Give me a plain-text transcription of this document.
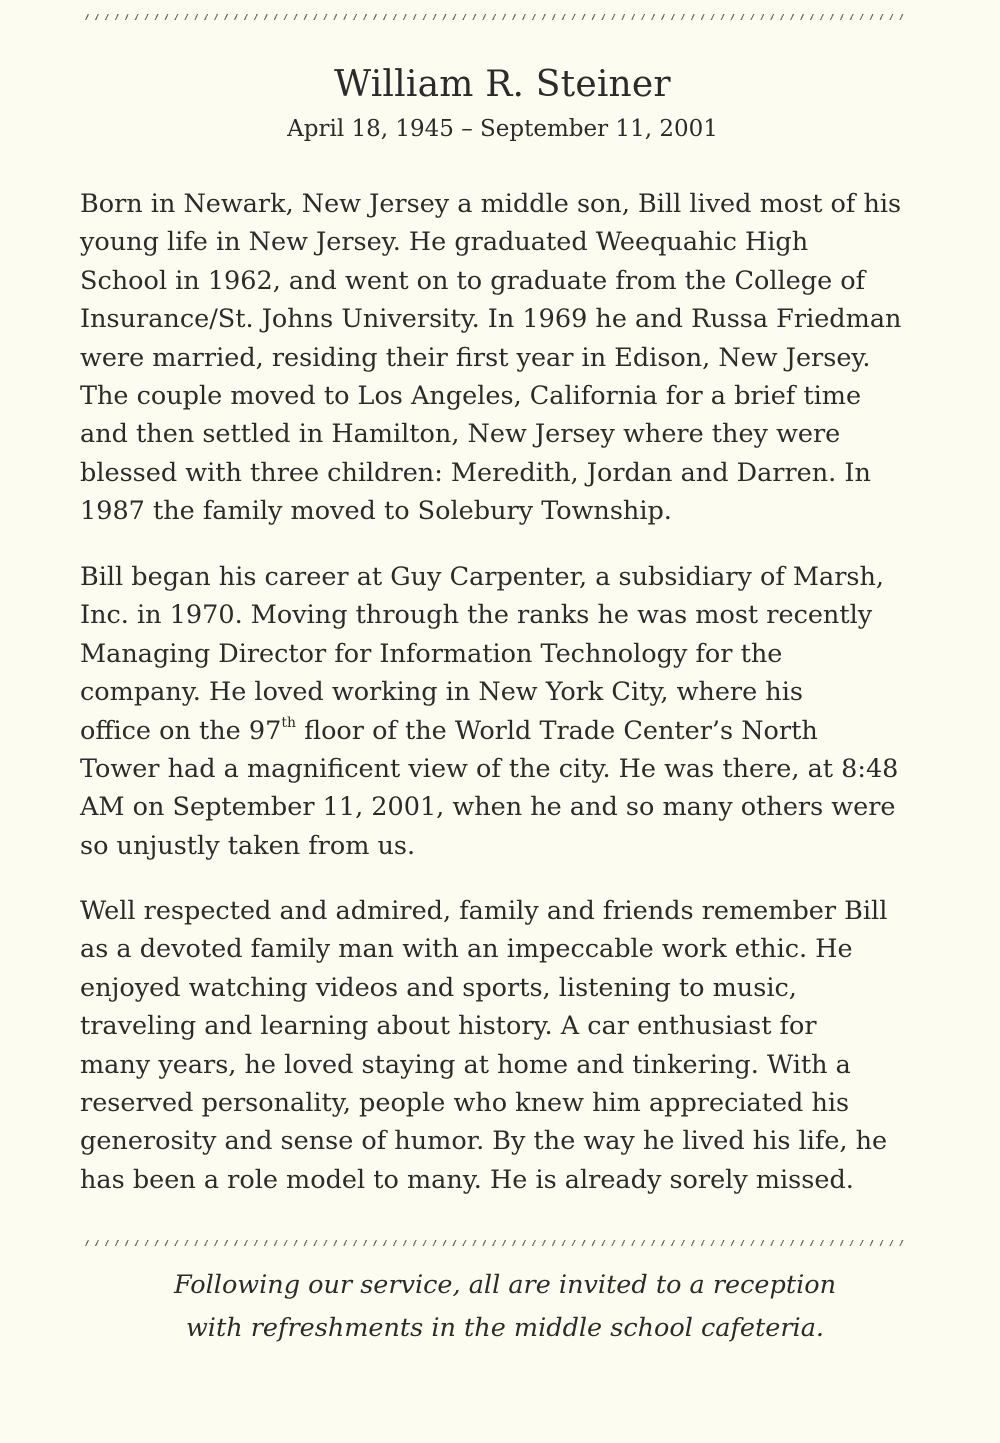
William R. Steiner

April 18, 1945 – September 11, 2001

Born in Newark, New Jersey a middle son, Bill lived most of his
young life in New Jersey. He graduated Weequahic High
School in 1962, and went on to graduate from the College of
Insurance/St. Johns University. In 1969 he and Russa Friedman
were married, residing their first year in Edison, New Jersey.
The couple moved to Los Angeles, California for a brief time
and then settled in Hamilton, New Jersey where they were
blessed with three children: Meredith, Jordan and Darren. In
1987 the family moved to Solebury Township.
Bill began his career at Guy Carpenter, a subsidiary of Marsh,
Inc. in 1970. Moving through the ranks he was most recently
Managing Director for Information Technology for the
company. He loved working in New York City, where his
office on the 97th floor of the World Trade Center’s North
Tower had a magnificent view of the city. He was there, at 8:48
AM on September 11, 2001, when he and so many others were
so unjustly taken from us.
Well respected and admired, family and friends remember Bill
as a devoted family man with an impeccable work ethic. He
enjoyed watching videos and sports, listening to music,
traveling and learning about history. A car enthusiast for
many years, he loved staying at home and tinkering. With a
reserved personality, people who knew him appreciated his
generosity and sense of humor. By the way he lived his life, he
has been a role model to many. He is already sorely missed.

Following our service, all are invited to a reception
with refreshments in the middle school cafeteria.
